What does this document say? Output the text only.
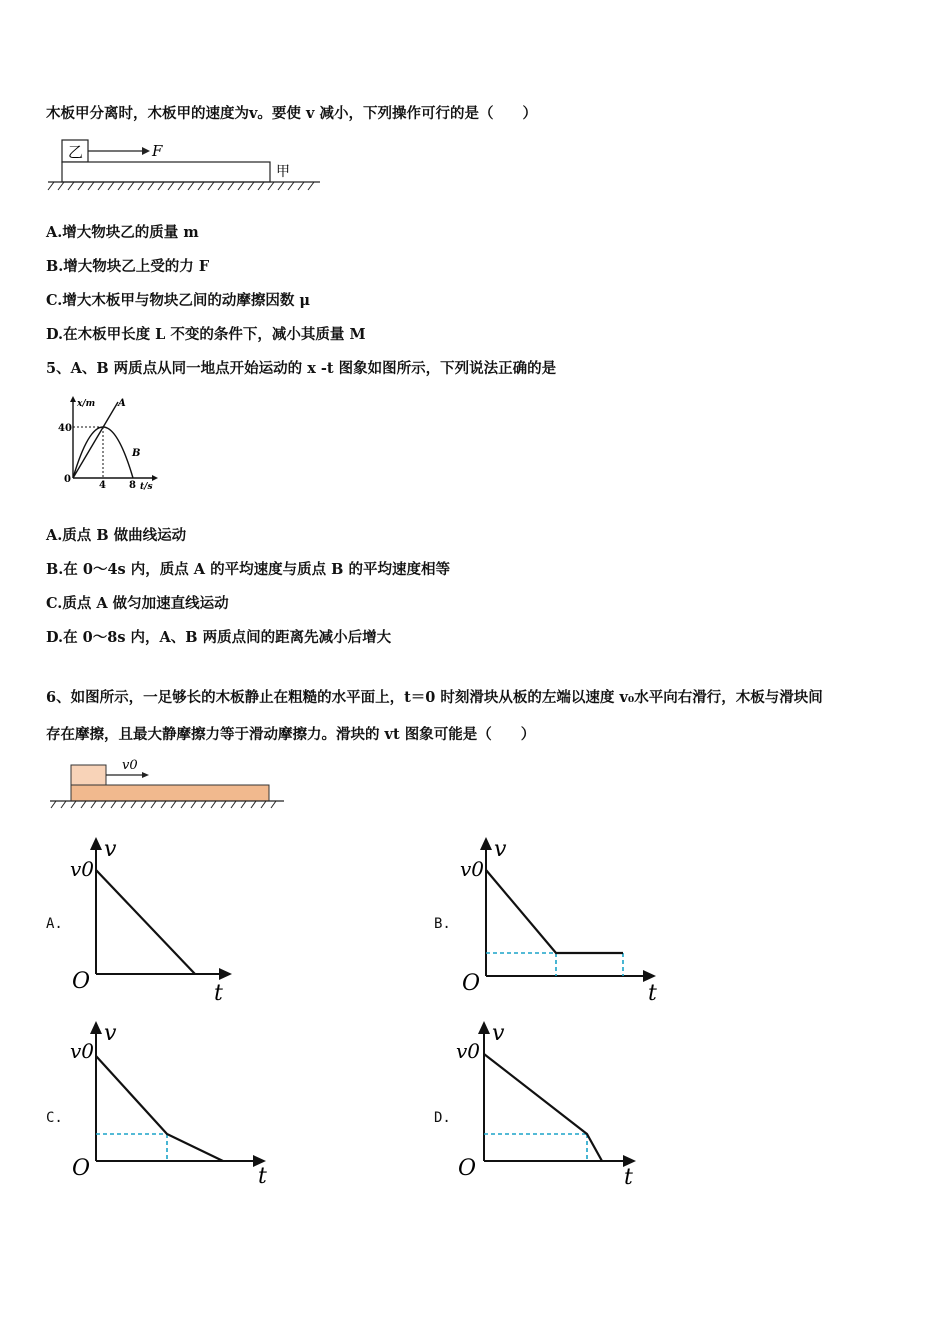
木板甲分离时，木板甲的速度为v。要使 v 减小，下列操作可行的是（　　）
乙	F
甲
A.增大物块乙的质量 m
B.增大物块乙上受的力 F
C.增大木板甲与物块乙间的动摩擦因数 μ
D.在木板甲长度 L 不变的条件下，减小其质量 M
5、A、B 两质点从同一地点开始运动的 x -t 图象如图所示，下列说法正确的是
x/m
t/s
40
4 8
0
A
B
A.质点 B 做曲线运动
B.在 0～4s 内，质点 A 的平均速度与质点 B 的平均速度相等
C.质点 A 做匀加速直线运动
D.在 0～8s 内，A、B 两质点间的距离先减小后增大
6、如图所示，一足够长的木板静止在粗糙的水平面上，t＝0 时刻滑块从板的左端以速度 v₀水平向右滑行，木板与滑块间
存在摩擦，且最大静摩擦力等于滑动摩擦力。滑块的 vt 图象可能是（　　）
v0
A.
v
v0
O	t
B.
v
v0
O	t
C.
v
v0
O	t
D.
v
v0
O	t
